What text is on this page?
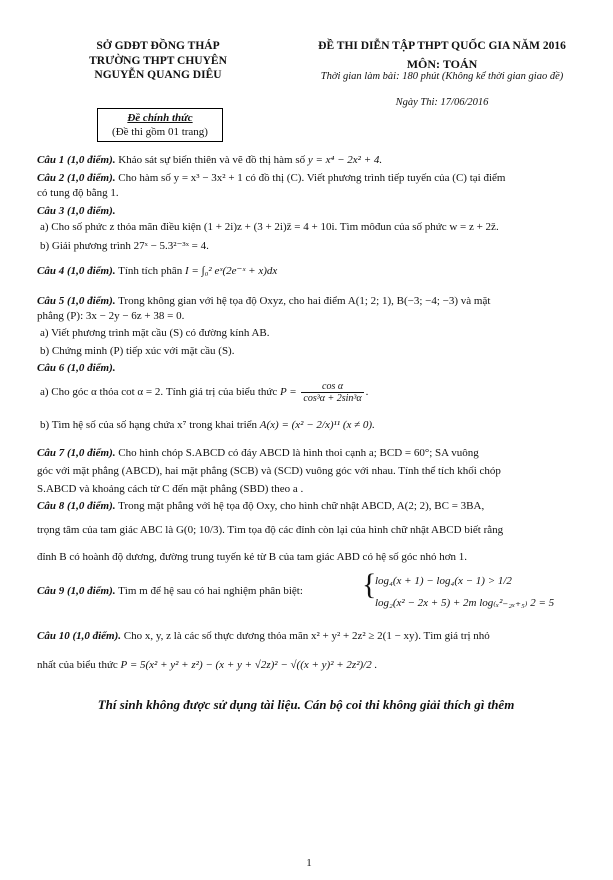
SỞ GDĐT ĐỒNG THÁP
TRƯỜNG THPT CHUYÊN
NGUYỄN QUANG DIÊU
ĐỀ THI DIỄN TẬP THPT QUỐC GIA NĂM 2016
MÔN: TOÁN
Thời gian làm bài: 180 phút (Không kể thời gian giao đề)
Ngày Thi: 17/06/2016
Đề chính thức
(Đề thi gồm 01 trang)
Câu 1 (1,0 điểm). Khảo sát sự biến thiên và vẽ đồ thị hàm số y = x⁴ − 2x² + 4.
Câu 2 (1,0 điểm). Cho hàm số y = x³ − 3x² + 1 có đồ thị (C). Viết phương trình tiếp tuyến của (C) tại điểm
có tung độ bằng 1.
Câu 3 (1,0 điểm).
a) Cho số phức z thỏa mãn điều kiện (1 + 2i)z + (3 + 2i)z̄ = 4 + 10i. Tìm môđun của số phức w = z + 2z̄.
b) Giải phương trình 27ˣ − 5.3²⁻³ˣ = 4.
Câu 4 (1,0 điểm). Tính tích phân I = ∫₀² eˣ(2e⁻ˣ + x)dx
Câu 5 (1,0 điểm). Trong không gian với hệ tọa độ Oxyz, cho hai điểm A(1; 2; 1), B(−3; −4; −3) và mặt
phẳng (P): 3x − 2y − 6z + 38 = 0.
a) Viết phương trình mặt cầu (S) có đường kính AB.
b) Chứng minh (P) tiếp xúc với mặt cầu (S).
Câu 6 (1,0 điểm).
a) Cho góc α thỏa cot α = 2. Tính giá trị của biểu thức $P = \frac{\text{cos α}}{\text{cos³α + 2sin³α}}$ .
b) Tìm hệ số của số hạng chứa x⁷ trong khai triển A(x) = (x² − 2/x)¹¹ (x ≠ 0).
Câu 7 (1,0 điểm). Cho hình chóp S.ABCD có đáy ABCD là hình thoi cạnh a; BCD = 60°; SA vuông
góc với mặt phẳng (ABCD), hai mặt phẳng (SCB) và (SCD) vuông góc với nhau. Tính thể tích khối chóp
S.ABCD và khoảng cách từ C đến mặt phẳng (SBD) theo a .
Câu 8 (1,0 điểm). Trong mặt phẳng với hệ tọa độ Oxy, cho hình chữ nhật ABCD, A(2; 2), BC = 3BA,
trọng tâm của tam giác ABC là G(0; 10/3). Tìm tọa độ các đỉnh còn lại của hình chữ nhật ABCD biết rằng
đỉnh B có hoành độ dương, đường trung tuyến kẻ từ B của tam giác ABD có hệ số góc nhỏ hơn 1.
Câu 9 (1,0 điểm). Tìm m để hệ sau có hai nghiệm phân biệt: {
log₄(x + 1) − log₄(x − 1) > 1/2
log₂(x² − 2x + 5) + 2m log₍ₓ²₋₂ₓ₊₅₎ 2 = 5
Câu 10 (1,0 điểm). Cho x, y, z là các số thực dương thỏa mãn x² + y² + 2z² ≥ 2(1 − xy). Tìm giá trị nhỏ
nhất của biểu thức P = 5(x² + y² + z²) − (x + y + √2z)² − √((x + y)² + 2z²)/2 .
Thí sinh không được sử dụng tài liệu. Cán bộ coi thi không giải thích gì thêm
1
